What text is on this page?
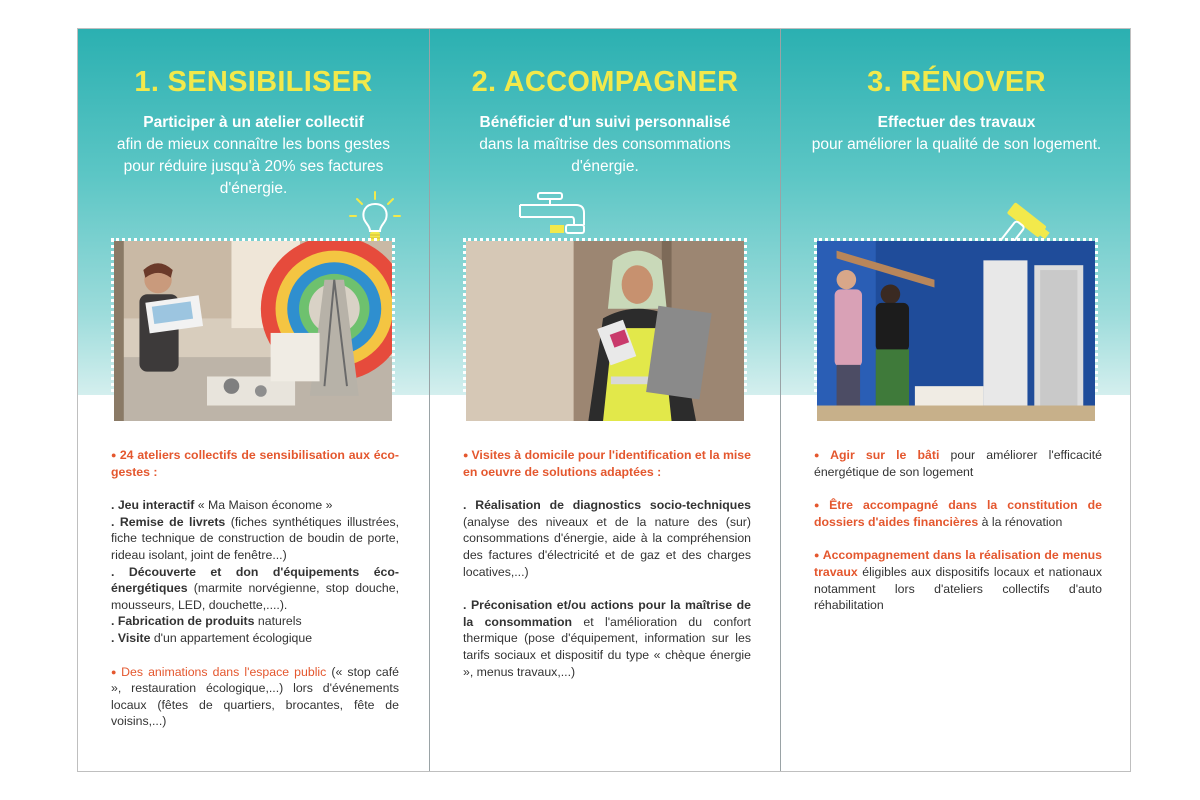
1. SENSIBILISER
Participer à un atelier collectif
afin de mieux connaître les bons gestes pour réduire jusqu'à 20% ses factures d'énergie.

● 24 ateliers collectifs de sensibilisation aux éco-gestes :

. Jeu interactif « Ma Maison économe »
. Remise de livrets (fiches synthétiques illustrées, fiche technique de construction de boudin de porte, rideau isolant, joint de fenêtre...)
. Découverte et don d'équipements éco-énergétiques (marmite norvégienne, stop douche, mousseurs, LED, douchette,....).
. Fabrication de produits naturels
. Visite d'un appartement écologique

● Des animations dans l'espace public (« stop café », restauration écologique,...) lors d'événements locaux (fêtes de quartiers, brocantes, fête de voisins,...)

2. ACCOMPAGNER
Bénéficier d'un suivi personnalisé
dans la maîtrise des consommations d'énergie.

● Visites à domicile pour l'identification et la mise en oeuvre de solutions adaptées :

. Réalisation de diagnostics socio-techniques (analyse des niveaux et de la nature des (sur) consommations d'énergie, aide à la compréhension des factures d'électricité et de gaz et des charges locatives,...)

. Préconisation et/ou actions pour la maîtrise de la consommation et l'amélioration du confort thermique (pose d'équipement, information sur les tarifs sociaux et dispositif du type « chèque énergie », menus travaux,...)

3. RÉNOVER
Effectuer des travaux
pour améliorer la qualité de son logement.

● Agir sur le bâti pour améliorer l'efficacité énergétique de son logement

● Être accompagné dans la constitution de dossiers d'aides financières à la rénovation

● Accompagnement dans la réalisation de menus travaux éligibles aux dispositifs locaux et nationaux notamment lors d'ateliers collectifs d'auto réhabilitation
